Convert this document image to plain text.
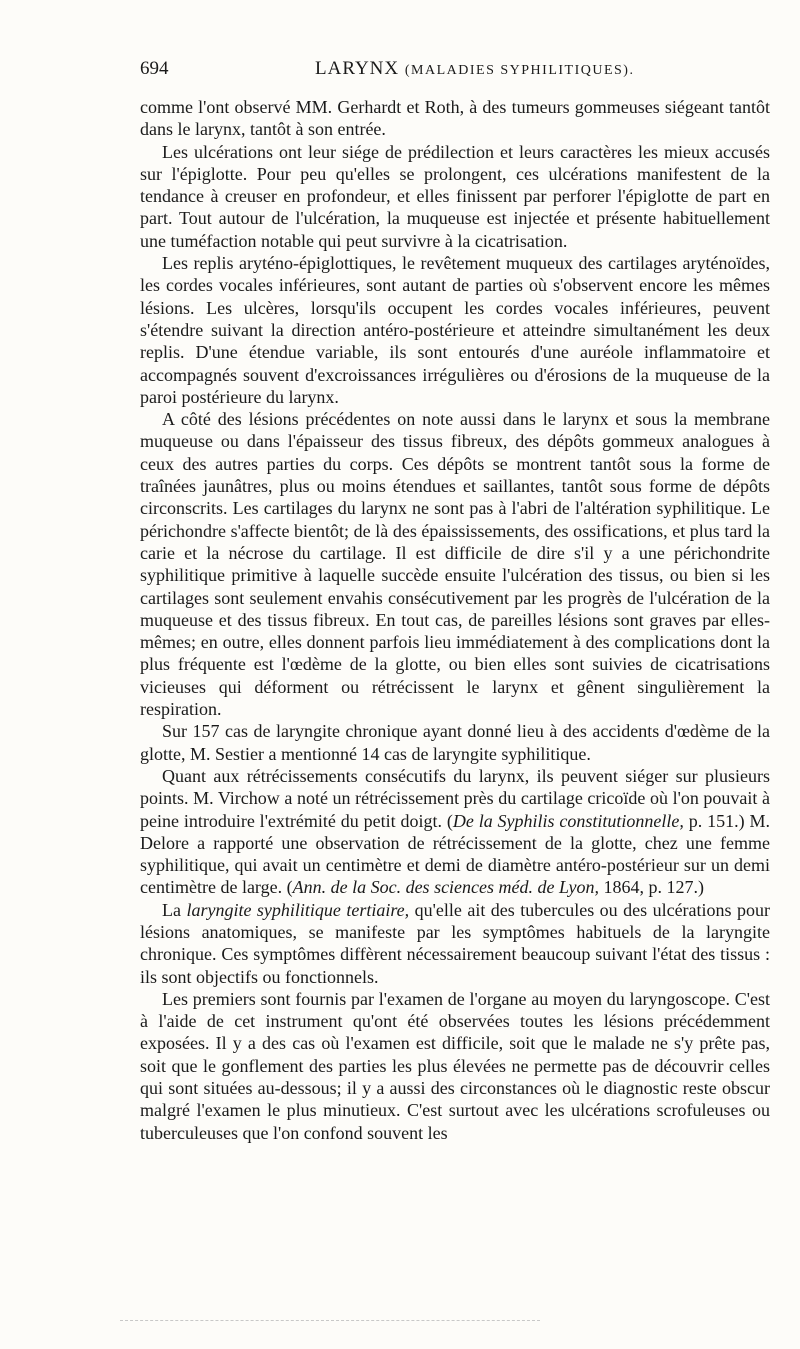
694	LARYNX (MALADIES SYPHILITIQUES).

comme l'ont observé MM. Gerhardt et Roth, à des tumeurs gommeuses siégeant tantôt dans le larynx, tantôt à son entrée.

Les ulcérations ont leur siége de prédilection et leurs caractères les mieux accusés sur l'épiglotte. Pour peu qu'elles se prolongent, ces ulcérations manifestent de la tendance à creuser en profondeur, et elles finissent par perforer l'épiglotte de part en part. Tout autour de l'ulcération, la muqueuse est injectée et présente habituellement une tuméfaction notable qui peut survivre à la cicatrisation.

Les replis aryténo-épiglottiques, le revêtement muqueux des cartilages aryténoïdes, les cordes vocales inférieures, sont autant de parties où s'observent encore les mêmes lésions. Les ulcères, lorsqu'ils occupent les cordes vocales inférieures, peuvent s'étendre suivant la direction antéro-postérieure et atteindre simultanément les deux replis. D'une étendue variable, ils sont entourés d'une auréole inflammatoire et accompagnés souvent d'excroissances irrégulières ou d'érosions de la muqueuse de la paroi postérieure du larynx.

A côté des lésions précédentes on note aussi dans le larynx et sous la membrane muqueuse ou dans l'épaisseur des tissus fibreux, des dépôts gommeux analogues à ceux des autres parties du corps. Ces dépôts se montrent tantôt sous la forme de traînées jaunâtres, plus ou moins étendues et saillantes, tantôt sous forme de dépôts circonscrits. Les cartilages du larynx ne sont pas à l'abri de l'altération syphilitique. Le périchondre s'affecte bientôt; de là des épaississements, des ossifications, et plus tard la carie et la nécrose du cartilage. Il est difficile de dire s'il y a une périchondrite syphilitique primitive à laquelle succède ensuite l'ulcération des tissus, ou bien si les cartilages sont seulement envahis consécutivement par les progrès de l'ulcération de la muqueuse et des tissus fibreux. En tout cas, de pareilles lésions sont graves par elles-mêmes; en outre, elles donnent parfois lieu immédiatement à des complications dont la plus fréquente est l'œdème de la glotte, ou bien elles sont suivies de cicatrisations vicieuses qui déforment ou rétrécissent le larynx et gênent singulièrement la respiration.

Sur 157 cas de laryngite chronique ayant donné lieu à des accidents d'œdème de la glotte, M. Sestier a mentionné 14 cas de laryngite syphilitique.

Quant aux rétrécissements consécutifs du larynx, ils peuvent siéger sur plusieurs points. M. Virchow a noté un rétrécissement près du cartilage cricoïde où l'on pouvait à peine introduire l'extrémité du petit doigt. (De la Syphilis constitutionnelle, p. 151.) M. Delore a rapporté une observation de rétrécissement de la glotte, chez une femme syphilitique, qui avait un centimètre et demi de diamètre antéro-postérieur sur un demi centimètre de large. (Ann. de la Soc. des sciences méd. de Lyon, 1864, p. 127.)

La laryngite syphilitique tertiaire, qu'elle ait des tubercules ou des ulcérations pour lésions anatomiques, se manifeste par les symptômes habituels de la laryngite chronique. Ces symptômes diffèrent nécessairement beaucoup suivant l'état des tissus : ils sont objectifs ou fonctionnels.

Les premiers sont fournis par l'examen de l'organe au moyen du laryngoscope. C'est à l'aide de cet instrument qu'ont été observées toutes les lésions précédemment exposées. Il y a des cas où l'examen est difficile, soit que le malade ne s'y prête pas, soit que le gonflement des parties les plus élevées ne permette pas de découvrir celles qui sont situées au-dessous; il y a aussi des circonstances où le diagnostic reste obscur malgré l'examen le plus minutieux. C'est surtout avec les ulcérations scrofuleuses ou tuberculeuses que l'on confond souvent les
